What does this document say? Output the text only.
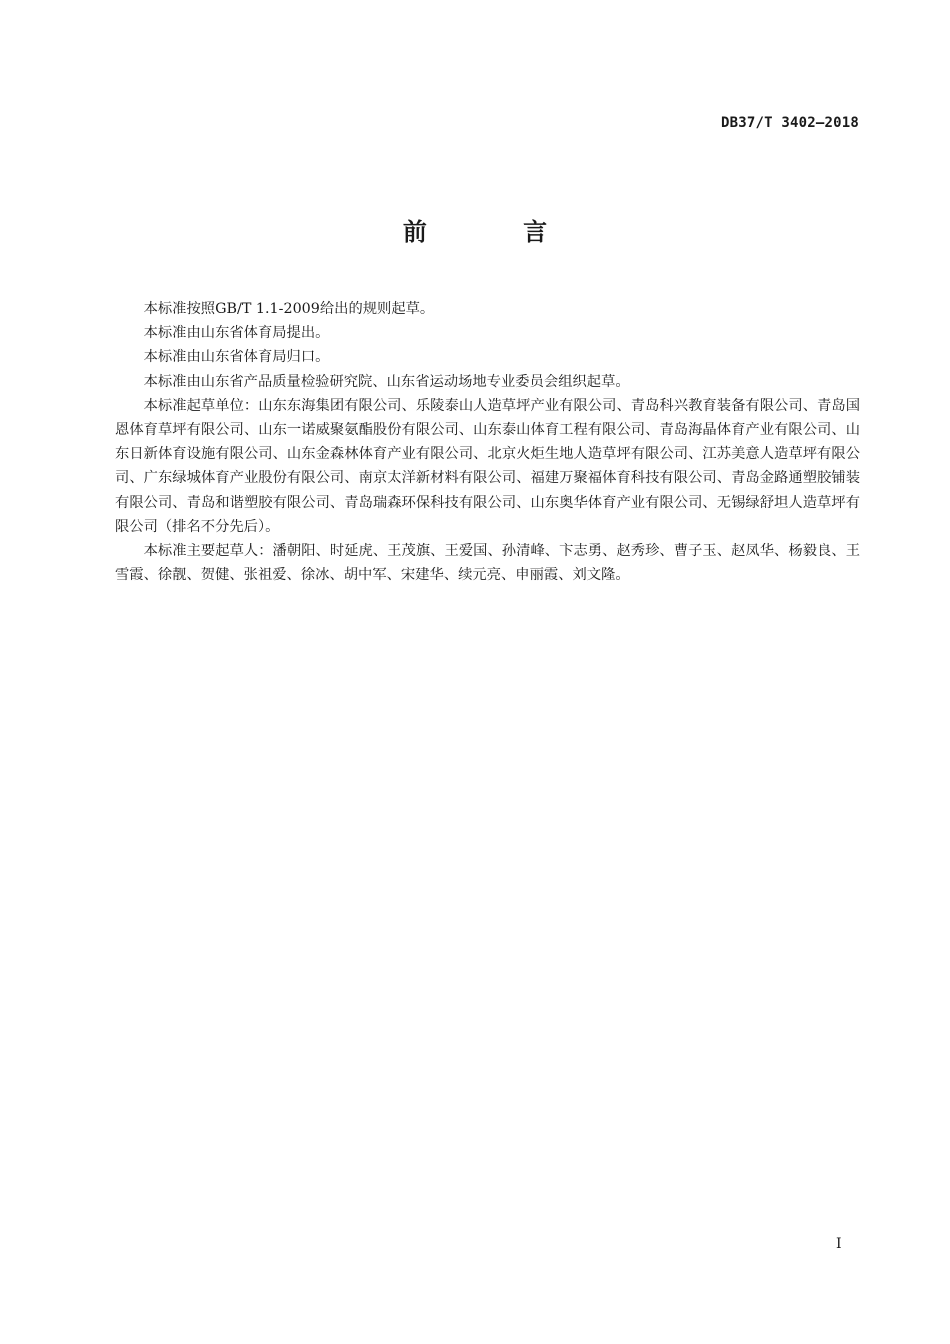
DB37/T 3402—2018
前 言

本标准按照GB/T 1.1-2009给出的规则起草。

本标准由山东省体育局提出。

本标准由山东省体育局归口。

本标准由山东省产品质量检验研究院、山东省运动场地专业委员会组织起草。

本标准起草单位：山东东海集团有限公司、乐陵泰山人造草坪产业有限公司、青岛科兴教育装备有限公司、青岛国恩体育草坪有限公司、山东一诺威聚氨酯股份有限公司、山东泰山体育工程有限公司、青岛海晶体育产业有限公司、山东日新体育设施有限公司、山东金森林体育产业有限公司、北京火炬生地人造草坪有限公司、江苏美意人造草坪有限公司、广东绿城体育产业股份有限公司、南京太洋新材料有限公司、福建万聚福体育科技有限公司、青岛金路通塑胶铺装有限公司、青岛和谐塑胶有限公司、青岛瑞森环保科技有限公司、山东奥华体育产业有限公司、无锡绿舒坦人造草坪有限公司（排名不分先后）。

本标准主要起草人：潘朝阳、时延虎、王茂旗、王爱国、孙清峰、卞志勇、赵秀珍、曹子玉、赵凤华、杨毅良、王雪霞、徐靓、贺健、张祖爱、徐冰、胡中军、宋建华、续元亮、申丽霞、刘文隆。

I
